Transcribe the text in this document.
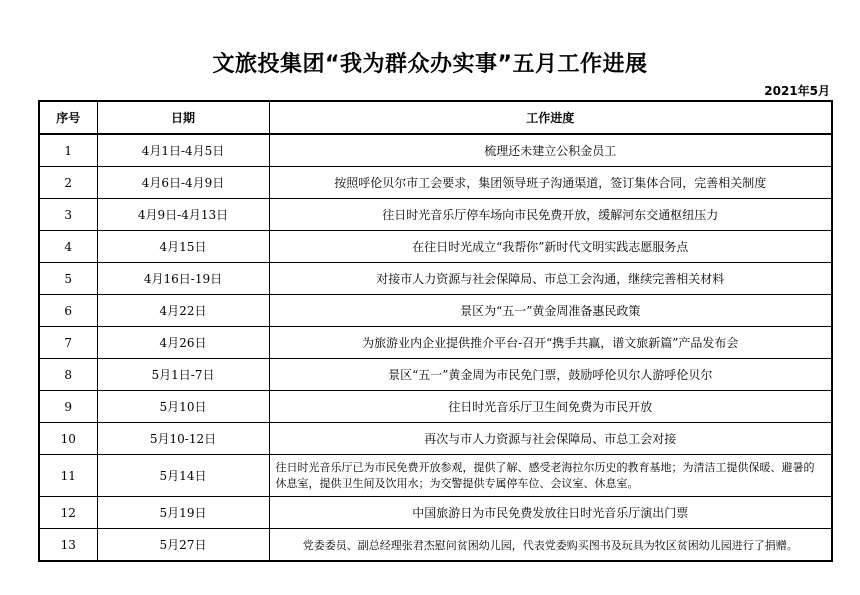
文旅投集团“我为群众办实事”五月工作进展
2021年5月
序号	日期	工作进度
1	4月1日-4月5日	梳理还未建立公积金员工
2	4月6日-4月9日	按照呼伦贝尔市工会要求，集团领导班子沟通渠道，签订集体合同，完善相关制度
3	4月9日-4月13日	往日时光音乐厅停车场向市民免费开放，缓解河东交通枢纽压力
4	4月15日	在往日时光成立“我帮你”新时代文明实践志愿服务点
5	4月16日-19日	对接市人力资源与社会保障局、市总工会沟通，继续完善相关材料
6	4月22日	景区为“五一”黄金周准备惠民政策
7	4月26日	为旅游业内企业提供推介平台-召开“携手共赢，谱文旅新篇”产品发布会
8	5月1日-7日	景区“五一”黄金周为市民免门票，鼓励呼伦贝尔人游呼伦贝尔
9	5月10日	往日时光音乐厅卫生间免费为市民开放
10	5月10-12日	再次与市人力资源与社会保障局、市总工会对接
11	5月14日	往日时光音乐厅已为市民免费开放参观，提供了解、感受老海拉尔历史的教育基地；为清洁工提供保暖、避暑的休息室，提供卫生间及饮用水；为交警提供专属停车位、会议室、休息室。
12	5月19日	中国旅游日为市民免费发放往日时光音乐厅演出门票
13	5月27日	党委委员、副总经理张君杰慰问贫困幼儿园，代表党委购买图书及玩具为牧区贫困幼儿园进行了捐赠。
